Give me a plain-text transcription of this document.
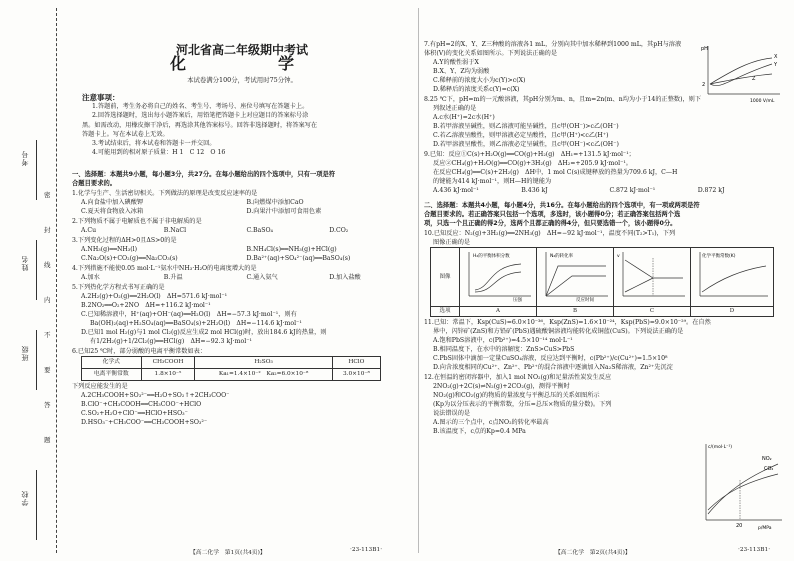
考号
姓名
班级
学校
密
封
线
内
不
要
答
题
河北省高二年级期中考试
化　　学
本试卷满分100分，考试用时75分钟。
注意事项：
1.答题前，考生务必将自己的姓名、考生号、考场号、座位号填写在答题卡上。
2.回答选择题时，选出每小题答案后，用铅笔把答题卡上对应题目的答案标号涂
黑。如需改动，用橡皮擦干净后，再选涂其他答案标号。回答非选择题时，将答案写在
答题卡上。写在本试卷上无效。
3.考试结束后，将本试卷和答题卡一并交回。
4.可能用到的相对原子质量：H 1　C 12　O 16
一、选择题：本题共9小题，每小题3分，共27分。在每小题给出的四个选项中，只有一项是符
合题目要求的。
1.化学与生产、生活密切相关。下列做法的原理是改变反应速率的是
A.向食盐中加入碘酸钾	B.向燃煤中添加CaO
C.夏天将食物放入冰箱	D.向果汁中添加可食用色素
2.下列物质不属于电解质也不属于非电解质的是
A.Cu	B.NaCl	C.BaSO₄	D.CO₂
3.下列变化过程的ΔH>0且ΔS>0的是
A.NH₃(g)══NH₃(l)	B.NH₄Cl(s)══NH₃(g)+HCl(g)
C.Na₂O(s)+CO₂(g)══Na₂CO₃(s)	D.Ba²⁺(aq)+SO₄²⁻(aq)══BaSO₄(s)
4.下列措施不能使0.05 mol·L⁻¹氨水中NH₃·H₂O的电离度增大的是
A.加水	B.升温	C.通入氨气	D.加入盐酸
5.下列热化学方程式书写正确的是
A.2H₂(g)+O₂(g)══2H₂O(l)　ΔH=571.6 kJ·mol⁻¹
B.2NO₂══O₂+2NO　ΔH=+116.2 kJ·mol⁻¹
C.已知稀溶液中，H⁺(aq)+OH⁻(aq)══H₂O(l)　ΔH=−57.3 kJ·mol⁻¹，则有
Ba(OH)₂(aq)+H₂SO₄(aq)══BaSO₄(s)+2H₂O(l)　ΔH=−114.6 kJ·mol⁻¹
D.已知1 mol H₂(g)与1 mol Cl₂(g)反应生成2 mol HCl(g)时，放出184.6 kJ的热量，则
有1/2H₂(g)+1/2Cl₂(g)══HCl(g)　ΔH=−92.3 kJ·mol⁻¹
6.已知25 ℃时，部分弱酸的电离平衡常数如表：
化学式	CH₃COOH	H₂SO₃	HClO
电离平衡常数	1.8×10⁻⁵	Ka₁=1.4×10⁻²　Ka₂=6.0×10⁻⁸	3.0×10⁻⁸
下列反应能发生的是
A.2CH₃COOH+SO₃²⁻══H₂O+SO₂↑+2CH₃COO⁻
B.ClO⁻+CH₃COOH══CH₃COO⁻+HClO
C.SO₂+H₂O+ClO⁻══HClO+HSO₃⁻
D.HSO₃⁻+CH₃COO⁻══CH₃COOH+SO₃²⁻
【高二化学　第1页(共4页)】	·23-113B1·
7.有pH=2的X、Y、Z三种酸的溶液各1 mL，分别向其中加水稀释到1000 mL，其pH与溶液
体积(V)的变化关系如图所示。下列说法正确的是
A.Y的酸性弱于X
B.X、Y、Z均为弱酸
C.稀释前的浓度大小为c(Y)>c(X)
D.稀释后的浓度关系c(Y)=c(X)
8.25 ℃下，pH=m的一元酸溶液，其pH分别为m、n，且m=2n(m、n均为小于14的正整数)，则下
列叙述正确的是
A.c水(H⁺)=2c水(H⁺)
B.若甲溶液呈碱性，则乙溶液可能呈碱性，且c甲(OH⁻)>c乙(OH⁻)
C.若乙溶液呈酸性，则甲溶液必定呈酸性，且c甲(H⁺)<c乙(H⁺)
D.若甲溶液呈酸性，则乙溶液必定呈碱性，且c甲(OH⁻)<c乙(OH⁻)
9.已知：反应①C(s)+H₂O(g)══CO(g)+H₂(g)　ΔH₁=+131.5 kJ·mol⁻¹；
反应②CH₄(g)+H₂O(g)══CO(g)+3H₂(g)　ΔH₂=+205.9 kJ·mol⁻¹。
在反应CH₄(g)══C(s)+2H₂(g)　ΔH中，1 mol C(s)成键释放的热量为709.6 kJ，C—H
的键能为414 kJ·mol⁻¹，则H—H的键能为
A.436 kJ·mol⁻¹	B.436 kJ	C.872 kJ·mol⁻¹	D.872 kJ
二、选择题：本题共4小题，每小题4分，共16分。在每小题给出的四个选项中，有一项或两项是符
合题目要求的。若正确答案只包括一个选项，多选时，该小题得0分；若正确答案包括两个选
项，只选一个且正确的得2分，选两个且都正确的得4分，但只要选错一个，该小题得0分。
10.已知反应：N₂(g)+3H₂(g)══2NH₃(g)　ΔH=−92 kJ·mol⁻¹，温度不同(T₂>T₁)，下列
图像正确的是
图像	H₂的平衡体积分数
压强	N₂的转化率
反应时间	v	化学平衡常数(K)

选项	A	B	C	D
11.已知：常温下，Ksp(CuS)=6.0×10⁻³⁶，Ksp(ZnS)=1.6×10⁻²⁴，Ksp(PbS)=9.0×10⁻²⁹。在自然
界中，闪锌矿(ZnS)和方铅矿(PbS)遇硫酸铜溶液均能转化成铜蓝(CuS)。下列说法正确的是
A.饱和PbS溶液中，c(Pb²⁺)=4.5×10⁻¹⁴ mol·L⁻¹
B.相同温度下，在水中的溶解度：ZnS>CuS>PbS
C.PbS固体中滴加一定量CuSO₄溶液，反应达到平衡时，c(Pb²⁺)/c(Cu²⁺)=1.5×10⁸
D.向含浓度相同的Cu²⁺、Zn²⁺、Pb²⁺的混合溶液中逐滴加入Na₂S稀溶液，Zn²⁺先沉淀
12.在恒温的密闭容器中，加入1 mol NO₂(g)和足量活性炭发生反应
2NO₂(g)+2C(s)⇌N₂(g)+2CO₂(g)，测得平衡时
NO₂(g)和CO₂(g)的物质的量浓度与平衡总压的关系如图所示
(Kp为以分压表示的平衡常数，分压=总压×物质的量分数)。下列
说法错误的是
A.图示的三个点中，c点NO₂的转化率最高
B.该温度下，c点的Kp=0.4 MPa
pH
2
X
Y
Z
1000 V/mL
c/(mol·L⁻¹)
NO₂
CO₂
20	p/MPa
【高二化学　第2页(共4页)】	·23-113B1·
